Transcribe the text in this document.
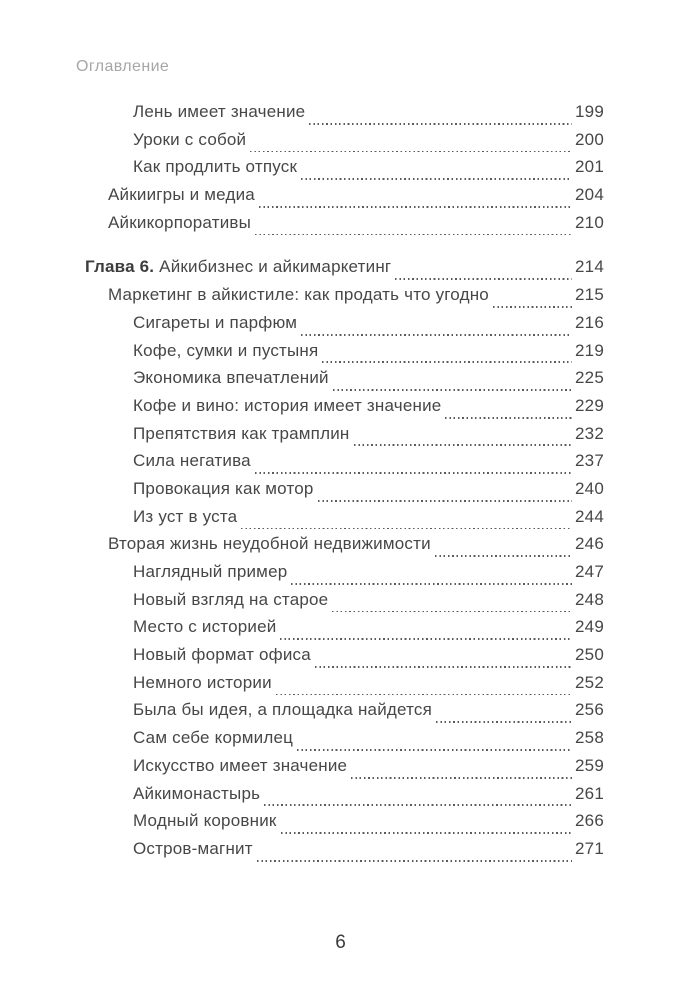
Оглавление
Лень имеет значение	199
Уроки с собой	200
Как продлить отпуск	201
Айкиигры и медиа	204
Айкикорпоративы	210
Глава 6. Айкибизнес и айкимаркетинг	214
Маркетинг в айкистиле: как продать что угодно	215
Сигареты и парфюм	216
Кофе, сумки и пустыня	219
Экономика впечатлений	225
Кофе и вино: история имеет значение	229
Препятствия как трамплин	232
Сила негатива	237
Провокация как мотор	240
Из уст в уста	244
Вторая жизнь неудобной недвижимости	246
Наглядный пример	247
Новый взгляд на старое	248
Место с историей	249
Новый формат офиса	250
Немного истории	252
Была бы идея, а площадка найдется	256
Сам себе кормилец	258
Искусство имеет значение	259
Айкимонастырь	261
Модный коровник	266
Остров-магнит	271
6
